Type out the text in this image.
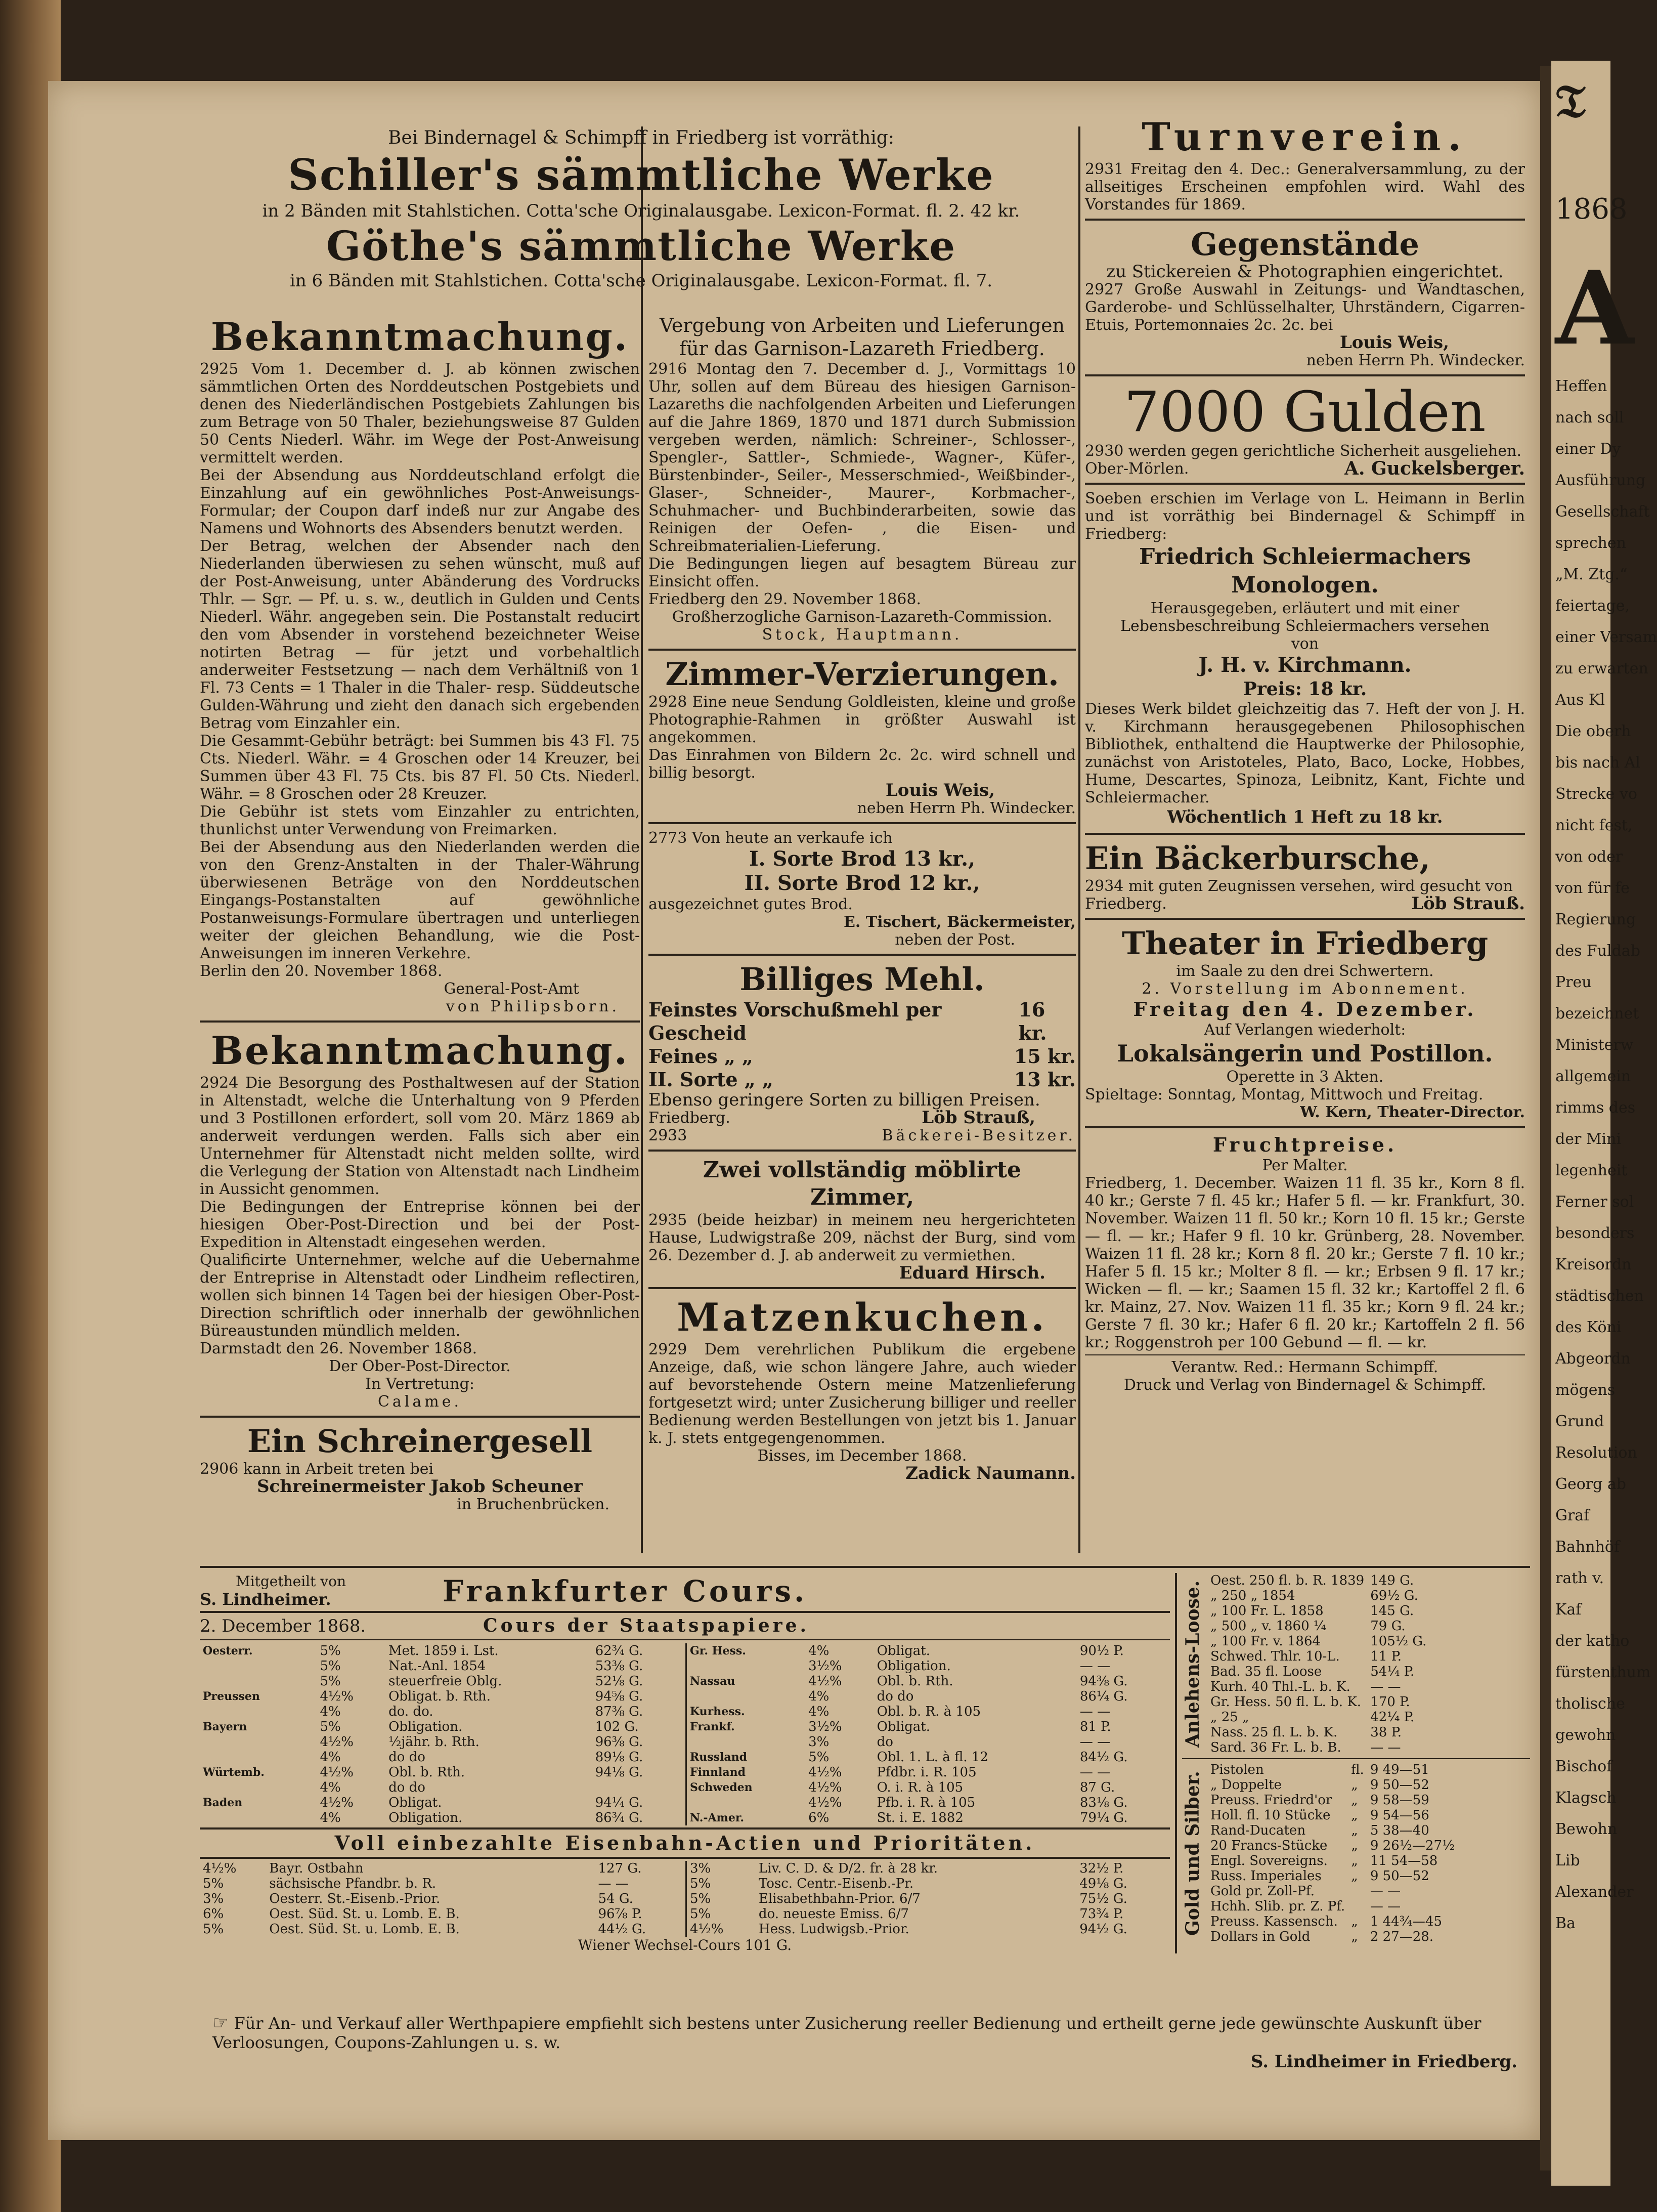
𝔗
1868
A
Heffen
nach soll
einer Dy
Ausführung
Gesellschaft
sprechen
„M. Ztg.“
feiertage,
einer Versam
zu erwarten
Aus Kl
Die oberh
bis nach Al
Strecke vo
nicht fest,
von oder
von für fe
Regierung
des Fuldab
Preu
bezeichnet
Ministerw
allgemein
rimms des
der Mini
legenheit
Ferner sol
besonders
Kreisordn
städtischen
des Köni
Abgeordn
mögens
Grund
Resolution
Georg ab
Graf
Bahnhöf
rath v.
Kaf
der katho
fürstenthum
tholische
gewohn
Bischof
Klagsch
Bewohn
Lib
Alexander
Ba
Bei Bindernagel & Schimpff in Friedberg ist vorräthig:
Schiller's sämmtliche Werke
in 2 Bänden mit Stahlstichen. Cotta'sche Originalausgabe. Lexicon-Format. fl. 2. 42 kr.
Göthe's sämmtliche Werke
in 6 Bänden mit Stahlstichen. Cotta'sche Originalausgabe. Lexicon-Format. fl. 7.
Bekanntmachung.

2925 Vom 1. December d. J. ab können zwischen sämmtlichen Orten des Norddeutschen Postgebiets und denen des Niederländischen Postgebiets Zahlungen bis zum Betrage von 50 Thaler, beziehungsweise 87 Gulden 50 Cents Niederl. Währ. im Wege der Post-Anweisung vermittelt werden.

Bei der Absendung aus Norddeutschland erfolgt die Einzahlung auf ein gewöhnliches Post-Anweisungs-Formular; der Coupon darf indeß nur zur Angabe des Namens und Wohnorts des Absenders benutzt werden.

Der Betrag, welchen der Absender nach den Niederlanden überwiesen zu sehen wünscht, muß auf der Post-Anweisung, unter Abänderung des Vordrucks Thlr. — Sgr. — Pf. u. s. w., deutlich in Gulden und Cents Niederl. Währ. angegeben sein. Die Postanstalt reducirt den vom Absender in vorstehend bezeichneter Weise notirten Betrag — für jetzt und vorbehaltlich anderweiter Festsetzung — nach dem Verhältniß von 1 Fl. 73 Cents = 1 Thaler in die Thaler- resp. Süddeutsche Gulden-Währung und zieht den danach sich ergebenden Betrag vom Einzahler ein.

Die Gesammt-Gebühr beträgt: bei Summen bis 43 Fl. 75 Cts. Niederl. Währ. = 4 Groschen oder 14 Kreuzer, bei Summen über 43 Fl. 75 Cts. bis 87 Fl. 50 Cts. Niederl. Währ. = 8 Groschen oder 28 Kreuzer.

Die Gebühr ist stets vom Einzahler zu entrichten, thunlichst unter Verwendung von Freimarken.

Bei der Absendung aus den Niederlanden werden die von den Grenz-Anstalten in der Thaler-Währung überwiesenen Beträge von den Norddeutschen Eingangs-Postanstalten auf gewöhnliche Postanweisungs-Formulare übertragen und unterliegen weiter der gleichen Behandlung, wie die Post-Anweisungen im inneren Verkehre.

Berlin den 20. November 1868.

General-Post-Amt

von Philipsborn.

Bekanntmachung.

2924 Die Besorgung des Posthaltwesen auf der Station in Altenstadt, welche die Unterhaltung von 9 Pferden und 3 Postillonen erfordert, soll vom 20. März 1869 ab anderweit verdungen werden. Falls sich aber ein Unternehmer für Altenstadt nicht melden sollte, wird die Verlegung der Station von Altenstadt nach Lindheim in Aussicht genommen.

Die Bedingungen der Entreprise können bei der hiesigen Ober-Post-Direction und bei der Post-Expedition in Altenstadt eingesehen werden.

Qualificirte Unternehmer, welche auf die Uebernahme der Entreprise in Altenstadt oder Lindheim reflectiren, wollen sich binnen 14 Tagen bei der hiesigen Ober-Post-Direction schriftlich oder innerhalb der gewöhnlichen Büreaustunden mündlich melden.

Darmstadt den 26. November 1868.

Der Ober-Post-Director.

In Vertretung:

Calame.

Ein Schreinergesell

2906 kann in Arbeit treten bei

Schreinermeister Jakob Scheuner

in Bruchenbrücken.

Vergebung von Arbeiten und Lieferungen für das Garnison-Lazareth Friedberg.

2916 Montag den 7. December d. J., Vormittags 10 Uhr, sollen auf dem Büreau des hiesigen Garnison-Lazareths die nachfolgenden Arbeiten und Lieferungen auf die Jahre 1869, 1870 und 1871 durch Submission vergeben werden, nämlich: Schreiner-, Schlosser-, Spengler-, Sattler-, Schmiede-, Wagner-, Küfer-, Bürstenbinder-, Seiler-, Messerschmied-, Weißbinder-, Glaser-, Schneider-, Maurer-, Korbmacher-, Schuhmacher- und Buchbinderarbeiten, sowie das Reinigen der Oefen- , die Eisen- und Schreibmaterialien-Lieferung.

Die Bedingungen liegen auf besagtem Büreau zur Einsicht offen.

Friedberg den 29. November 1868.

Großherzogliche Garnison-Lazareth-Commission.

Stock, Hauptmann.

Zimmer-Verzierungen.

2928 Eine neue Sendung Goldleisten, kleine und große Photographie-Rahmen in größter Auswahl ist angekommen.

Das Einrahmen von Bildern 2c. 2c. wird schnell und billig besorgt.

Louis Weis,

neben Herrn Ph. Windecker.

2773 Von heute an verkaufe ich

I. Sorte Brod 13 kr.,

II. Sorte Brod 12 kr.,

ausgezeichnet gutes Brod.

E. Tischert, Bäckermeister,

neben der Post.

Billiges Mehl.
Feinstes Vorschußmehl per Gescheid
16 kr.
Feines „ „	15 kr.
II. Sorte „ „	13 kr.

Ebenso geringere Sorten zu billigen Preisen.

Friedberg.	Löb Strauß,
2933	Bäckerei-Besitzer.
Zwei vollständig möblirte Zimmer,

2935 (beide heizbar) in meinem neu hergerichteten Hause, Ludwigstraße 209, nächst der Burg, sind vom 26. Dezember d. J. ab anderweit zu vermiethen.

Eduard Hirsch.

Matzenkuchen.

2929 Dem verehrlichen Publikum die ergebene Anzeige, daß, wie schon längere Jahre, auch wieder auf bevorstehende Ostern meine Matzenlieferung fortgesetzt wird; unter Zusicherung billiger und reeller Bedienung werden Bestellungen von jetzt bis 1. Januar k. J. stets entgegengenommen.

Bisses, im December 1868.

Zadick Naumann.

Turnverein.

2931 Freitag den 4. Dec.: Generalversammlung, zu der allseitiges Erscheinen empfohlen wird. Wahl des Vorstandes für 1869.

Gegenstände

zu Stickereien & Photographien eingerichtet.

2927 Große Auswahl in Zeitungs- und Wandtaschen, Garderobe- und Schlüsselhalter, Uhrständern, Cigarren-Etuis, Portemonnaies 2c. 2c. bei

Louis Weis,

neben Herrn Ph. Windecker.

7000 Gulden

2930 werden gegen gerichtliche Sicherheit ausgeliehen.

Ober-Mörlen.	A. Guckelsberger.

Soeben erschien im Verlage von L. Heimann in Berlin und ist vorräthig bei Bindernagel & Schimpff in Friedberg:

Friedrich Schleiermachers Monologen.

Herausgegeben, erläutert und mit einer Lebensbeschreibung Schleiermachers versehen

von

J. H. v. Kirchmann.

Preis: 18 kr.

Dieses Werk bildet gleichzeitig das 7. Heft der von J. H. v. Kirchmann herausgegebenen Philosophischen Bibliothek, enthaltend die Hauptwerke der Philosophie, zunächst von Aristoteles, Plato, Baco, Locke, Hobbes, Hume, Descartes, Spinoza, Leibnitz, Kant, Fichte und Schleiermacher.

Wöchentlich 1 Heft zu 18 kr.

Ein Bäckerbursche,

2934 mit guten Zeugnissen versehen, wird gesucht von

Friedberg.	Löb Strauß.
Theater in Friedberg

im Saale zu den drei Schwertern.

2. Vorstellung im Abonnement.

Freitag den 4. Dezember.

Auf Verlangen wiederholt:

Lokalsängerin und Postillon.

Operette in 3 Akten.

Spieltage: Sonntag, Montag, Mittwoch und Freitag.

W. Kern, Theater-Director.

Fruchtpreise.

Per Malter.

Friedberg, 1. December. Waizen 11 fl. 35 kr., Korn 8 fl. 40 kr.; Gerste 7 fl. 45 kr.; Hafer 5 fl. — kr. Frankfurt, 30. November. Waizen 11 fl. 50 kr.; Korn 10 fl. 15 kr.; Gerste — fl. — kr.; Hafer 9 fl. 10 kr. Grünberg, 28. November. Waizen 11 fl. 28 kr.; Korn 8 fl. 20 kr.; Gerste 7 fl. 10 kr.; Hafer 5 fl. 15 kr.; Molter 8 fl. — kr.; Erbsen 9 fl. 17 kr.; Wicken — fl. — kr.; Saamen 15 fl. 32 kr.; Kartoffel 2 fl. 6 kr. Mainz, 27. Nov. Waizen 11 fl. 35 kr.; Korn 9 fl. 24 kr.; Gerste 7 fl. 30 kr.; Hafer 6 fl. 20 kr.; Kartoffeln 2 fl. 56 kr.; Roggenstroh per 100 Gebund — fl. — kr.

Verantw. Red.: Hermann Schimpff.

Druck und Verlag von Bindernagel & Schimpff.

Mitgetheilt von
S. Lindheimer.	Frankfurter Cours.
2. December 1868.	Cours der Staatspapiere.
Oesterr.	5%	Met. 1859 i. Lst.	62¾ G.
	5%	Nat.-Anl. 1854	53⅜ G.
	5%	steuerfreie Oblg.	52⅛ G.
Preussen	4½%	Obligat. b. Rth.	94⅝ G.
	4%	do. do.	87⅜ G.
Bayern	5%	Obligation.	102 G.
	4½%	½jähr. b. Rth.	96⅜ G.
	4%	do do	89⅛ G.
Würtemb.	4½%	Obl. b. Rth.	94⅛ G.
	4%	do do	
Baden	4½%	Obligat.	94¼ G.
	4%	Obligation.	86¾ G.
Gr. Hess.	4%	Obligat.	90½ P.
	3½%	Obligation.	— —
Nassau	4½%	Obl. b. Rth.	94⅜ G.
	4%	do do	86¼ G.
Kurhess.	4%	Obl. b. R. à 105	— —
Frankf.	3½%	Obligat.	81 P.
	3%	do	— —
Russland	5%	Obl. 1. L. à fl. 12	84½ G.
Finnland	4½%	Pfdbr. i. R. 105	— —
Schweden	4½%	O. i. R. à 105	87 G.
	4½%	Pfb. i. R. à 105	83⅛ G.
N.-Amer.	6%	St. i. E. 1882	79¼ G.
Voll einbezahlte Eisenbahn-Actien und Prioritäten.
4½%	Bayr. Ostbahn	127 G.
5%	sächsische Pfandbr. b. R.	— —
3%	Oesterr. St.-Eisenb.-Prior.	54 G.
6%	Oest. Süd. St. u. Lomb. E. B.	96⅞ P.
5%	Oest. Süd. St. u. Lomb. E. B.	44½ G.
3%	Liv. C. D. & D/2. fr. à 28 kr.	32½ P.
5%	Tosc. Centr.-Eisenb.-Pr.	49⅛ G.
5%	Elisabethbahn-Prior. 6/7	75½ G.
5%	do. neueste Emiss. 6/7	73¾ P.
4½%	Hess. Ludwigsb.-Prior.	94½ G.
Wiener Wechsel-Cours 101 G.
Anlehens-Loose. Oest. 250 fl. b. R. 1839	149 G.
„ 250 „ 1854	69½ G.
„ 100 Fr. L. 1858	145 G.
„ 500 „ v. 1860 ¼	79 G.
„ 100 Fr. v. 1864	105½ G.
Schwed. Thlr. 10-L.	11 P.
Bad. 35 fl. Loose	54¼ P.
Kurh. 40 Thl.-L. b. K.	— —
Gr. Hess. 50 fl. L. b. K.	170 P.
„ 25 „	42¼ P.
Nass. 25 fl. L. b. K.	38 P.
Sard. 36 Fr. L. b. B.	— —
Gold und Silber.
Pistolen	fl.	9 49—51
„ Doppelte	„	9 50—52
Preuss. Friedrd'or	„	9 58—59
Holl. fl. 10 Stücke	„	9 54—56
Rand-Ducaten	„	5 38—40
20 Francs-Stücke	„	9 26½—27½
Engl. Sovereigns.	„	11 54—58
Russ. Imperiales	„	9 50—52
Gold pr. Zoll-Pf.		— —
Hchh. Slib. pr. Z. Pf.		— —
Preuss. Kassensch.	„	1 44¾—45
Dollars in Gold	„	2 27—28.
☞ Für An- und Verkauf aller Werthpapiere empfiehlt sich bestens unter Zusicherung reeller Bedienung und ertheilt gerne jede gewünschte Auskunft über Verloosungen, Coupons-Zahlungen u. s. w.
S. Lindheimer in Friedberg.
